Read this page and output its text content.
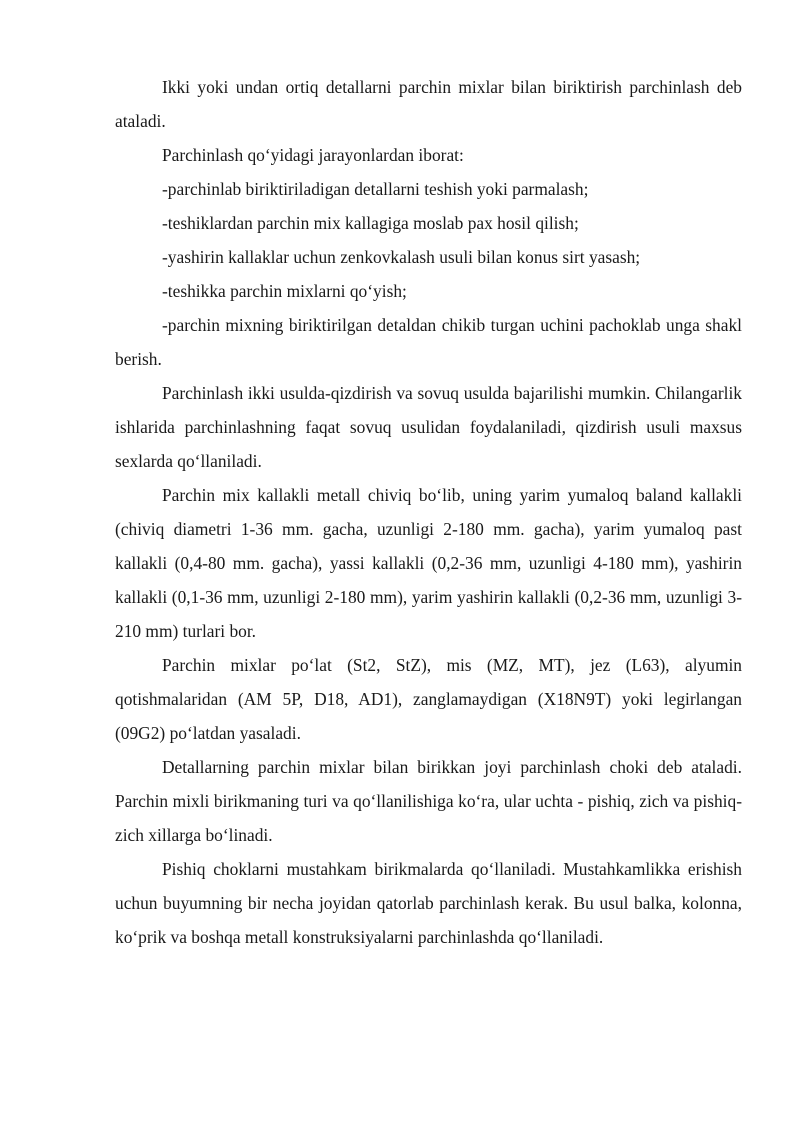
Ikki yoki undan ortiq detallarni parchin mixlar bilan biriktirish parchinlash deb ataladi.

Parchinlash qo‘yidagi jarayonlardan iborat:

-parchinlab biriktiriladigan detallarni teshish yoki parmalash;

-teshiklardan parchin mix kallagiga moslab pax hosil qilish;

-yashirin kallaklar uchun zenkovkalash usuli bilan konus sirt yasash;

-teshikka parchin mixlarni qo‘yish;

-parchin mixning biriktirilgan detaldan chikib turgan uchini pachoklab unga shakl berish.

Parchinlash ikki usulda-qizdirish va sovuq usulda bajarilishi mumkin. Chilangarlik ishlarida parchinlashning faqat sovuq usulidan foydalaniladi, qizdirish usuli maxsus sexlarda qo‘llaniladi.

Parchin mix kallakli metall chiviq bo‘lib, uning yarim yumaloq baland kallakli (chiviq diametri 1-36 mm. gacha, uzunligi 2-180 mm. gacha), yarim yumaloq past kallakli (0,4-80 mm. gacha), yassi kallakli (0,2-36 mm, uzunligi 4-180 mm), yashirin kallakli (0,1-36 mm, uzunligi 2-180 mm), yarim yashirin kallakli (0,2-36 mm, uzunligi 3-210 mm) turlari bor.

Parchin mixlar po‘lat (St2, StZ), mis (MZ, MT), jez (L63), alyumin qotishmalaridan (AM 5P, D18, AD1), zanglamaydigan (X18N9T) yoki legirlangan (09G2) po‘latdan yasaladi.

Detallarning parchin mixlar bilan birikkan joyi parchinlash choki deb ataladi. Parchin mixli birikmaning turi va qo‘llanilishiga ko‘ra, ular uchta - pishiq, zich va pishiq-zich xillarga bo‘linadi.

Pishiq choklarni mustahkam birikmalarda qo‘llaniladi. Mustahkamlikka erishish uchun buyumning bir necha joyidan qatorlab parchinlash kerak. Bu usul balka, kolonna, ko‘prik va boshqa metall konstruksiyalarni parchinlashda qo‘llaniladi.
